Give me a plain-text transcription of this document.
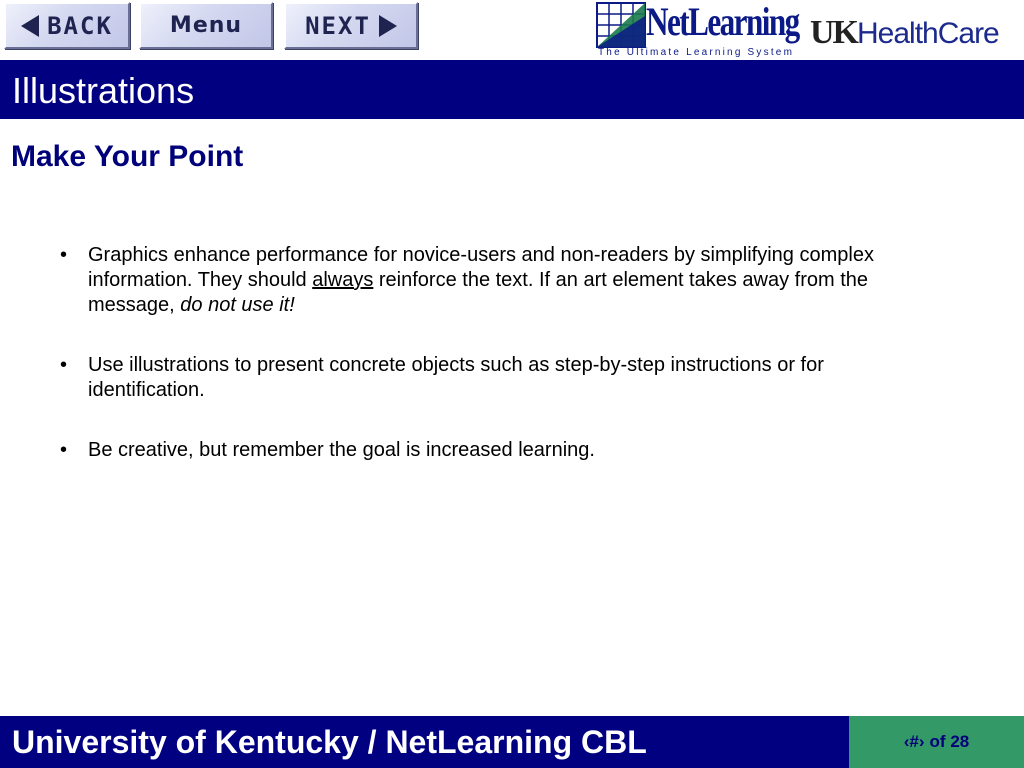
BACK	Menu	NEXT	NetLearning
The Ultimate Learning System
UKHealthCare
Illustrations
Make Your Point
•	Graphics enhance performance for novice-users and non-readers by simplifying complex information. They should always reinforce the text. If an art element takes away from the message, do not use it!
•	Use illustrations to present concrete objects such as step-by-step instructions or for identification.
•	Be creative, but remember the goal is increased learning.
University of Kentucky / NetLearning CBL	‹#› of 28
